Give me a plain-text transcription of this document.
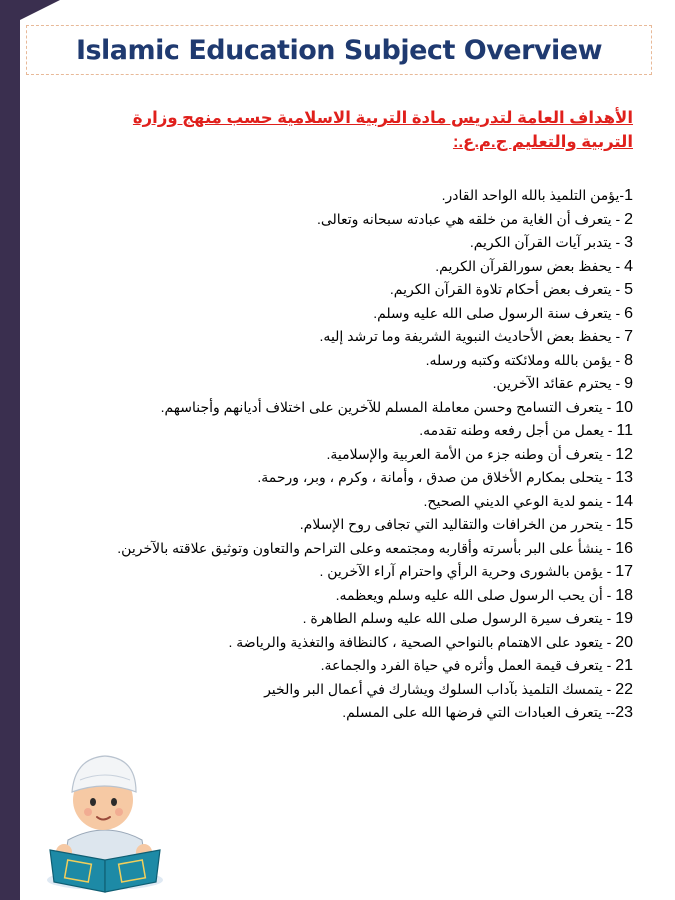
Islamic Education Subject Overview
الأهداف العامة لتدريس مادة التربية الاسلامية حسب منهج وزارة التربية والتعليم ج.م.ع.:
1-يؤمن التلميذ بالله الواحد القادر.
2 - يتعرف أن الغاية من خلقه هي عبادته سبحانه وتعالى.
3 - يتدبر آيات القرآن الكريم.
4 - يحفظ بعض سورالقرآن الكريم.
5 - يتعرف بعض أحكام تلاوة القرآن الكريم.
6 - يتعرف سنة الرسول صلى الله عليه وسلم.
7 - يحفظ بعض الأحاديث النبوية الشريفة وما ترشد إليه.
8 - يؤمن بالله وملائكته وكتبه ورسله.
9 - يحترم عقائد الآخرين.
10 - يتعرف التسامح وحسن معاملة المسلم للآخرين على اختلاف أديانهم وأجناسهم.
11 - يعمل من أجل رفعه وطنه تقدمه.
12 - يتعرف أن وطنه جزء من الأمة العربية والإسلامية.
13 - يتحلى بمكارم الأخلاق من صدق ، وأمانة ، وكرم ، وبر، ورحمة.
14 - ينمو لدية الوعي الديني الصحيح.
15 - يتحرر من الخرافات والتقاليد التي تجافى روح الإسلام.
16 - ينشأ على البر بأسرته وأقاربه ومجتمعه وعلى التراحم والتعاون وتوثيق علاقته بالآخرين.
17 - يؤمن بالشورى وحرية الرأي واحترام آراء الآخرين .
18 - أن يحب الرسول صلى الله عليه وسلم ويعظمه.
19 - يتعرف سيرة الرسول صلى الله عليه وسلم الطاهرة .
20 - يتعود على الاهتمام بالنواحي الصحية ، كالنظافة والتغذية والرياضة .
21 - يتعرف قيمة العمل وأثره في حياة الفرد والجماعة.
22 - يتمسك التلميذ بآداب السلوك ويشارك في أعمال البر والخير
23-- يتعرف العبادات التي فرضها الله على المسلم.
